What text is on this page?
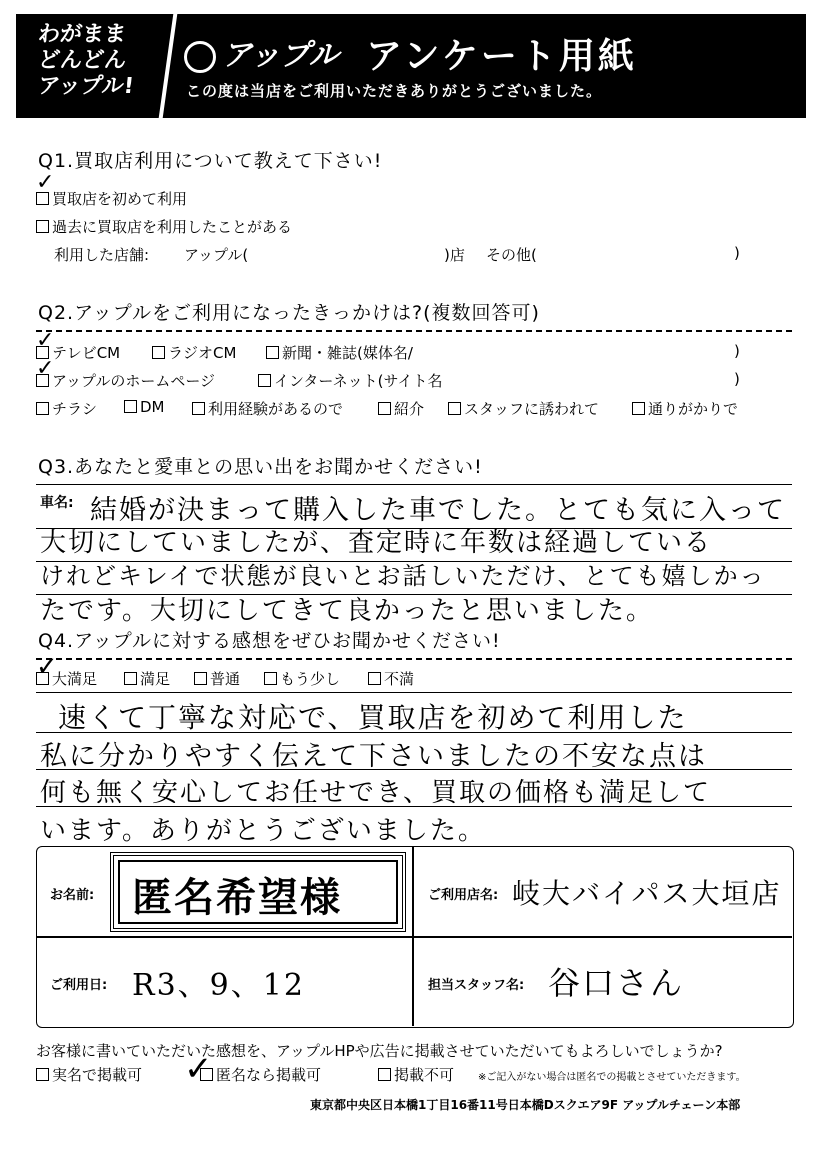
わがまま
どんどん
アップル!
アップル アンケート用紙
この度は当店をご利用いただきありがとうございました。
Q1.買取店利用について教えて下さい!
買取店を初めて利用
✓
過去に買取店を利用したことがある
利用した店舗: アップル(	)店 その他(	)
Q2.アップルをご利用になったきっかけは?(複数回答可)
テレビCM
✓	ラジオCM	新聞・雑誌(媒体名/	)
アップルのホームページ
✓	インターネット(サイト名	)
チラシ	DM	利用経験があるので	紹介	スタッフに誘われて	通りがかりで
Q3.あなたと愛車との思い出をお聞かせください!
車名: 結婚が決まって購入した車でした。とても気に入って
大切にしていましたが、査定時に年数は経過している
けれどキレイで状態が良いとお話しいただけ、とても嬉しかっ
たです。大切にしてきて良かったと思いました。
Q4.アップルに対する感想をぜひお聞かせください!
大満足
✓	満足	普通	もう少し	不満
速くて丁寧な対応で、買取店を初めて利用した
私に分かりやすく伝えて下さいましたの不安な点は
何も無く安心してお任せでき、買取の価格も満足して
います。ありがとうございました。
お名前: 匿名希望様	ご利用店名: 岐大バイパス大垣店
ご利用日: R3、9、12	担当スタッフ名: 谷口さん
お客様に書いていただいた感想を、アップルHPや広告に掲載させていただいてもよろしいでしょうか?
実名で掲載可	匿名なら掲載可
✓	掲載不可 ※ご記入がない場合は匿名での掲載とさせていただきます。
東京都中央区日本橋1丁目16番11号日本橋Dスクエア9F アップルチェーン本部
